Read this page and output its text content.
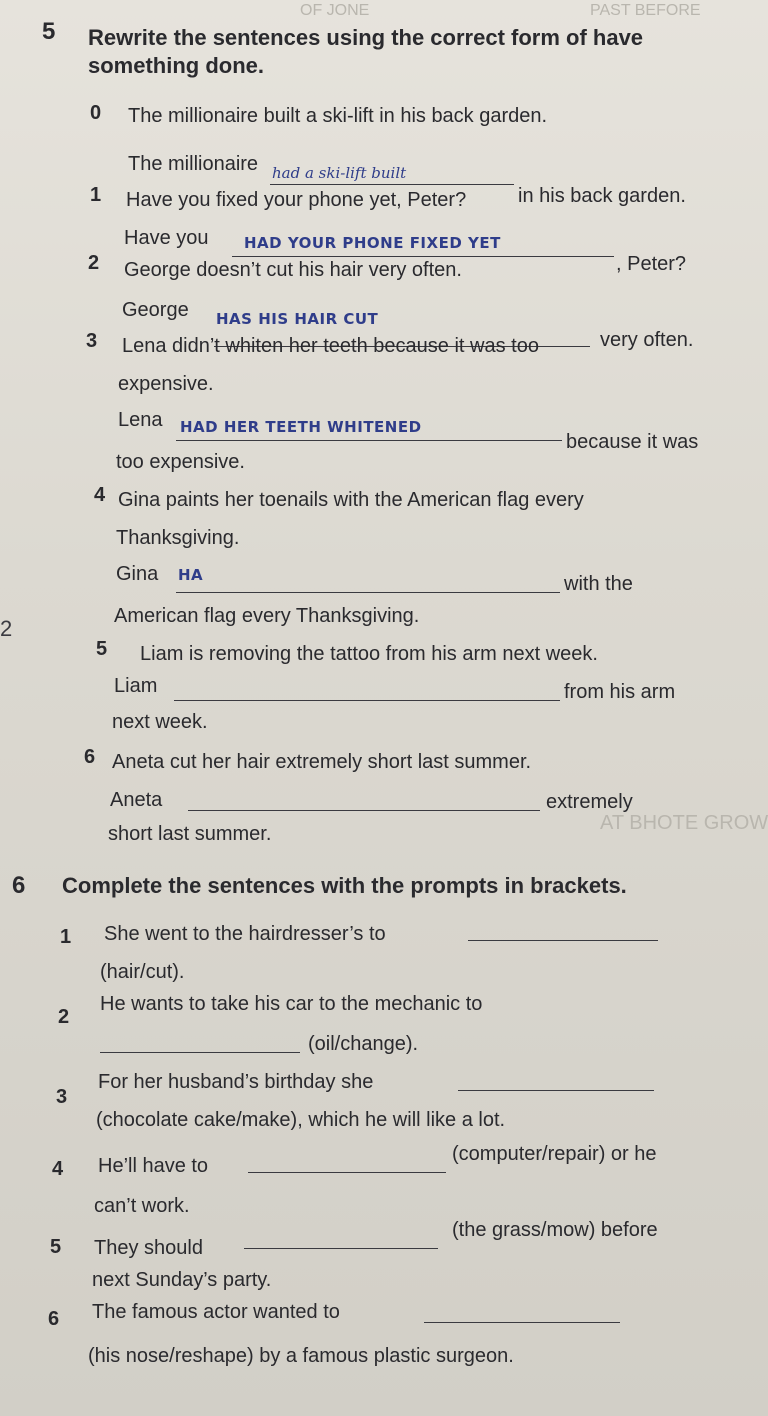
OF JONE	PAST BEFORE
AT BHOTE GROW
5 Rewrite the sentences using the correct form of have something done.
0 The millionaire built a ski-lift in his back garden.
The millionaire had a ski-lift built
in his back garden.
1 Have you fixed your phone yet, Peter?
Have you HAD YOUR PHONE FIXED YET
, Peter?
2 George doesn’t cut his hair very often.
George HAS HIS HAIR CUT
very often.
3 Lena didn’t whiten her teeth because it was too
expensive.
Lena HAD HER TEETH WHITENED
because it was
too expensive.
4 Gina paints her toenails with the American flag every
Thanksgiving.
Gina HA	with the
American flag every Thanksgiving.
2
5 Liam is removing the tattoo from his arm next week.
Liam	from his arm
next week.
6 Aneta cut her hair extremely short last summer.
Aneta	extremely
short last summer.
6 Complete the sentences with the prompts in brackets.
1 She went to the hairdresser’s to
(hair/cut).
2
He wants to take his car to the mechanic to
(oil/change).
3
For her husband’s birthday she
(chocolate cake/make), which he will like a lot.
4 He’ll have to
(computer/repair) or he
can’t work.
5 They should
(the grass/mow) before
next Sunday’s party.
6 The famous actor wanted to
(his nose/reshape) by a famous plastic surgeon.
